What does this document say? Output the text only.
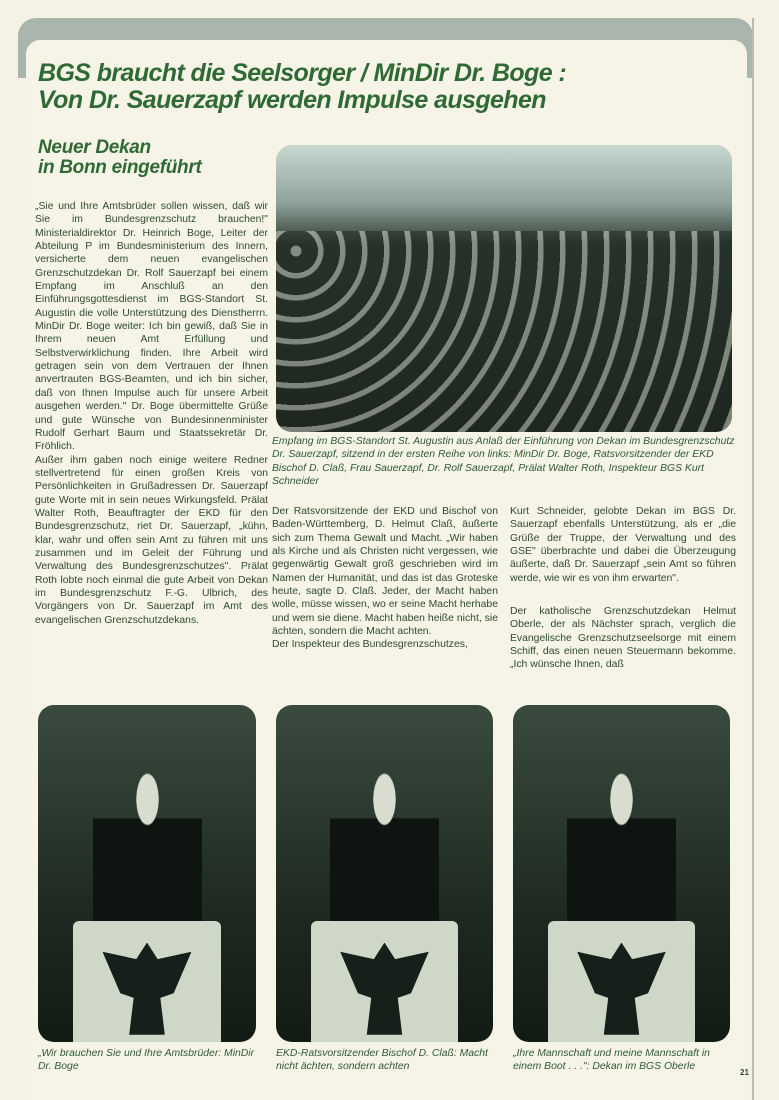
BGS braucht die Seelsorger / MinDir Dr. Boge :
Von Dr. Sauerzapf werden Impulse ausgehen
Neuer Dekan
in Bonn eingeführt

„Sie und Ihre Amtsbrüder sollen wissen, daß wir Sie im Bundesgrenzschutz brauchen!" Ministerialdirektor Dr. Heinrich Boge, Leiter der Abteilung P im Bundesministerium des Innern, versicherte dem neuen evangelischen Grenzschutzdekan Dr. Rolf Sauerzapf bei einem Empfang im Anschluß an den Einführungsgottesdienst im BGS-Standort St. Augustin die volle Unterstützung des Dienstherrn. MinDir Dr. Boge weiter: Ich bin gewiß, daß Sie in Ihrem neuen Amt Erfüllung und Selbstverwirklichung finden. Ihre Arbeit wird getragen sein von dem Vertrauen der Ihnen anvertrauten BGS-Beamten, und ich bin sicher, daß von Ihnen Impulse auch für unsere Arbeit ausgehen werden." Dr. Boge übermittelte Grüße und gute Wünsche von Bundesinnenminister Rudolf Gerhart Baum und Staatssekretär Dr. Fröhlich.

Außer ihm gaben noch einige weitere Redner stellvertretend für einen großen Kreis von Persönlichkeiten in Grußadressen Dr. Sauerzapf gute Worte mit in sein neues Wirkungsfeld. Prälat Walter Roth, Beauftragter der EKD für den Bundesgrenzschutz, riet Dr. Sauerzapf, „kühn, klar, wahr und offen sein Amt zu führen mit uns zusammen und im Geleit der Führung und Verwaltung des Bundesgrenzschutzes". Prälat Roth lobte noch einmal die gute Arbeit von Dekan im Bundesgrenzschutz F.-G. Ulbrich, des Vorgängers von Dr. Sauerzapf im Amt des evangelischen Grenzschutzdekans.

Empfang im BGS-Standort St. Augustin aus Anlaß der Einführung von Dekan im Bundesgrenzschutz Dr. Sauerzapf, sitzend in der ersten Reihe von links: MinDir Dr. Boge, Ratsvorsitzender der EKD Bischof D. Claß, Frau Sauerzapf, Dr. Rolf Sauerzapf, Prälat Walter Roth, Inspekteur BGS Kurt Schneider

Der Ratsvorsitzende der EKD und Bischof von Baden-Württemberg, D. Helmut Claß, äußerte sich zum Thema Gewalt und Macht. „Wir haben als Kirche und als Christen nicht vergessen, wie gegenwärtig Gewalt groß geschrieben wird im Namen der Humanität, und das ist das Groteske heute, sagte D. Claß. Jeder, der Macht haben wolle, müsse wissen, wo er seine Macht herhabe und wem sie diene. Macht haben heiße nicht, sie ächten, sondern die Macht achten.

Der Inspekteur des Bundesgrenzschutzes,

Kurt Schneider, gelobte Dekan im BGS Dr. Sauerzapf ebenfalls Unterstützung, als er „die Grüße der Truppe, der Verwaltung und des GSE" überbrachte und dabei die Überzeugung äußerte, daß Dr. Sauerzapf „sein Amt so führen werde, wie wir es von ihm erwarten".

Der katholische Grenzschutzdekan Helmut Oberle, der als Nächster sprach, verglich die Evangelische Grenzschutzseelsorge mit einem Schiff, das einen neuen Steuermann bekomme. „Ich wünsche Ihnen, daß

„Wir brauchen Sie und Ihre Amtsbrüder: MinDir Dr. Boge
EKD-Ratsvorsitzender Bischof D. Claß: Macht nicht ächten, sondern achten
„Ihre Mannschaft und meine Mannschaft in einem Boot . . .": Dekan im BGS Oberle
21
